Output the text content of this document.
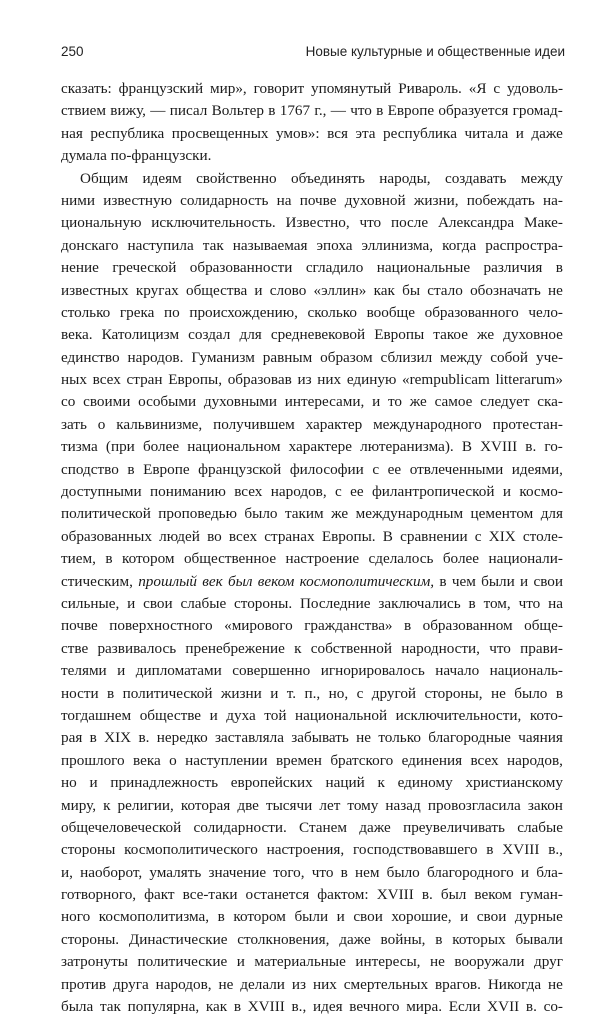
250	Новые культурные и общественные идеи
сказать: французский мир», говорит упомянутый Ривароль. «Я с удоволь-
ствием вижу, — писал Вольтер в 1767 г., — что в Европе образуется громад-
ная республика просвещенных умов»: вся эта республика читала и даже
думала по-французски.
Общим идеям свойственно объединять народы, создавать между
ними известную солидарность на почве духовной жизни, побеждать на-
циональную исключительность. Известно, что после Александра Маке-
донскаго наступила так называемая эпоха эллинизма, когда распростра-
нение греческой образованности сгладило национальные различия в
известных кругах общества и слово «эллин» как бы стало обозначать не
столько грека по происхождению, сколько вообще образованного чело-
века. Католицизм создал для средневековой Европы такое же духовное
единство народов. Гуманизм равным образом сблизил между собой уче-
ных всех стран Европы, образовав из них единую «rempublicam litterarum»
со своими особыми духовными интересами, и то же самое следует ска-
зать о кальвинизме, получившем характер международного протестан-
тизма (при более национальном характере лютеранизма). В XVIII в. го-
сподство в Европе французской философии с ее отвлеченными идеями,
доступными пониманию всех народов, с ее филантропической и космо-
политической проповедью было таким же международным цементом для
образованных людей во всех странах Европы. В сравнении с XIX столе-
тием, в котором общественное настроение сделалось более национали-
стическим, прошлый век был веком космополитическим, в чем были и свои
сильные, и свои слабые стороны. Последние заключались в том, что на
почве поверхностного «мирового гражданства» в образованном обще-
стве развивалось пренебрежение к собственной народности, что прави-
телями и дипломатами совершенно игнорировалось начало националь-
ности в политической жизни и т. п., но, с другой стороны, не было в
тогдашнем обществе и духа той национальной исключительности, кото-
рая в XIX в. нередко заставляла забывать не только благородные чаяния
прошлого века о наступлении времен братского единения всех народов,
но и принадлежность европейских наций к единому христианскому
миру, к религии, которая две тысячи лет тому назад провозгласила закон
общечеловеческой солидарности. Станем даже преувеличивать слабые
стороны космополитического настроения, господствовавшего в XVIII в.,
и, наоборот, умалять значение того, что в нем было благородного и бла-
готворного, факт все-таки останется фактом: XVIII в. был веком гуман-
ного космополитизма, в котором были и свои хорошие, и свои дурные
стороны. Династические столкновения, даже войны, в которых бывали
затронуты политические и материальные интересы, не вооружали друг
против друга народов, не делали из них смертельных врагов. Никогда не
была так популярна, как в XVIII в., идея вечного мира. Если XVII в. со-
